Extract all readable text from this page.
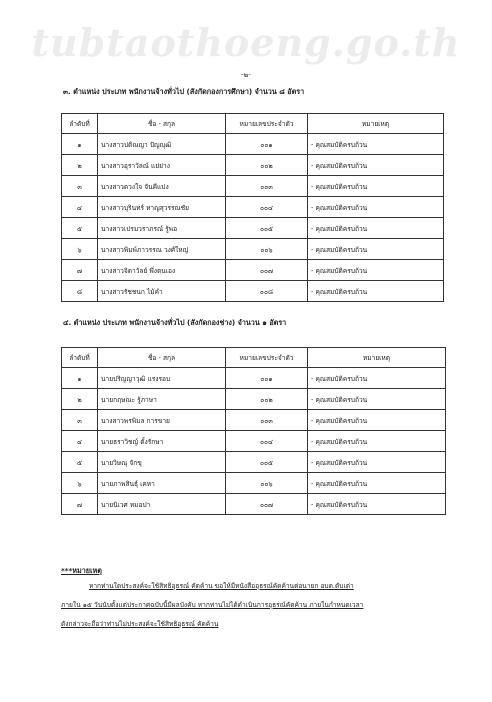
tubtaothoeng.go.th
-๒-
๓. ตำแหน่ง ประเภท พนักงานจ้างทั่วไป (สังกัดกองการศึกษา) จำนวน ๘ อัตรา
ลำดับที่	ชื่อ - สกุล	หมายเลขประจำตัว	หมายเหตุ
๑	นางสาวปติณญา ปัญญุฒิ	๐๐๑	- คุณสมบัติครบถ้วน
๒	นางสาวอุราวัลณ์ แย่ย่าง	๐๐๒	- คุณสมบัติครบถ้วน
๓	นางสาวดวงใจ จันคีแปง	๐๐๓	- คุณสมบัติครบถ้วน
๔	นางสาวบุรินทร์ หาญสุวรรณชัย	๐๐๔	- คุณสมบัติครบถ้วน
๕	นางสาวเปรมวราภรณ์ รู้พอ	๐๐๕	- คุณสมบัติครบถ้วน
๖	นางสาวพิมพ์ภาวรรณ วงศ์ใหญ่	๐๐๖	- คุณสมบัติครบถ้วน
๗	นางสาวจิดาวัลย์ พึ่งตนเอง	๐๐๗	- คุณสมบัติครบถ้วน
๘	นางสาวรัชชนก ไม้คำ	๐๐๘	- คุณสมบัติครบถ้วน
๔. ตำแหน่ง ประเภท พนักงานจ้างทั่วไป (สังกัดกองช่าง) จำนวน ๑ อัตรา
ลำดับที่	ชื่อ - สกุล	หมายเลขประจำตัว	หมายเหตุ
๑	นายปริญญาวุฒิ แรงรอบ	๐๐๑	- คุณสมบัติครบถ้วน
๒	นายกฤษณะ รู้ภาษา	๐๐๒	- คุณสมบัติครบถ้วน
๓	นางสาวพรพิมล การขาย	๐๐๓	- คุณสมบัติครบถ้วน
๔	นายธราวิชญ์ ตั้งรักษา	๐๐๔	- คุณสมบัติครบถ้วน
๕	นายวิษณุ จักขุ	๐๐๕	- คุณสมบัติครบถ้วน
๖	นายภาพสินธุ์ เคหา	๐๐๖	- คุณสมบัติครบถ้วน
๗	นายนิเวศ หมอปา	๐๐๗	- คุณสมบัติครบถ้วน
***หมายเหตุ
หากท่านใดประสงค์จะใช้สิทธิอุธรณ์ คัดค้าน ขอให้มีหนังสืออุธรณ์คัดค้านต่อนายก อบต.ดับเต่า
ภายใน ๑๕ วันนับตั้งแต่ประกาศฉบับนี้มีผลบังคับ หากท่านไม่ได้ดำเนินการอุธรณ์คัดค้าน ภายในกำหนดเวลา
ดังกล่าวจะถือว่าท่านไม่ประสงค์จะใช้สิทธิอุธรณ์ คัดค้าน
